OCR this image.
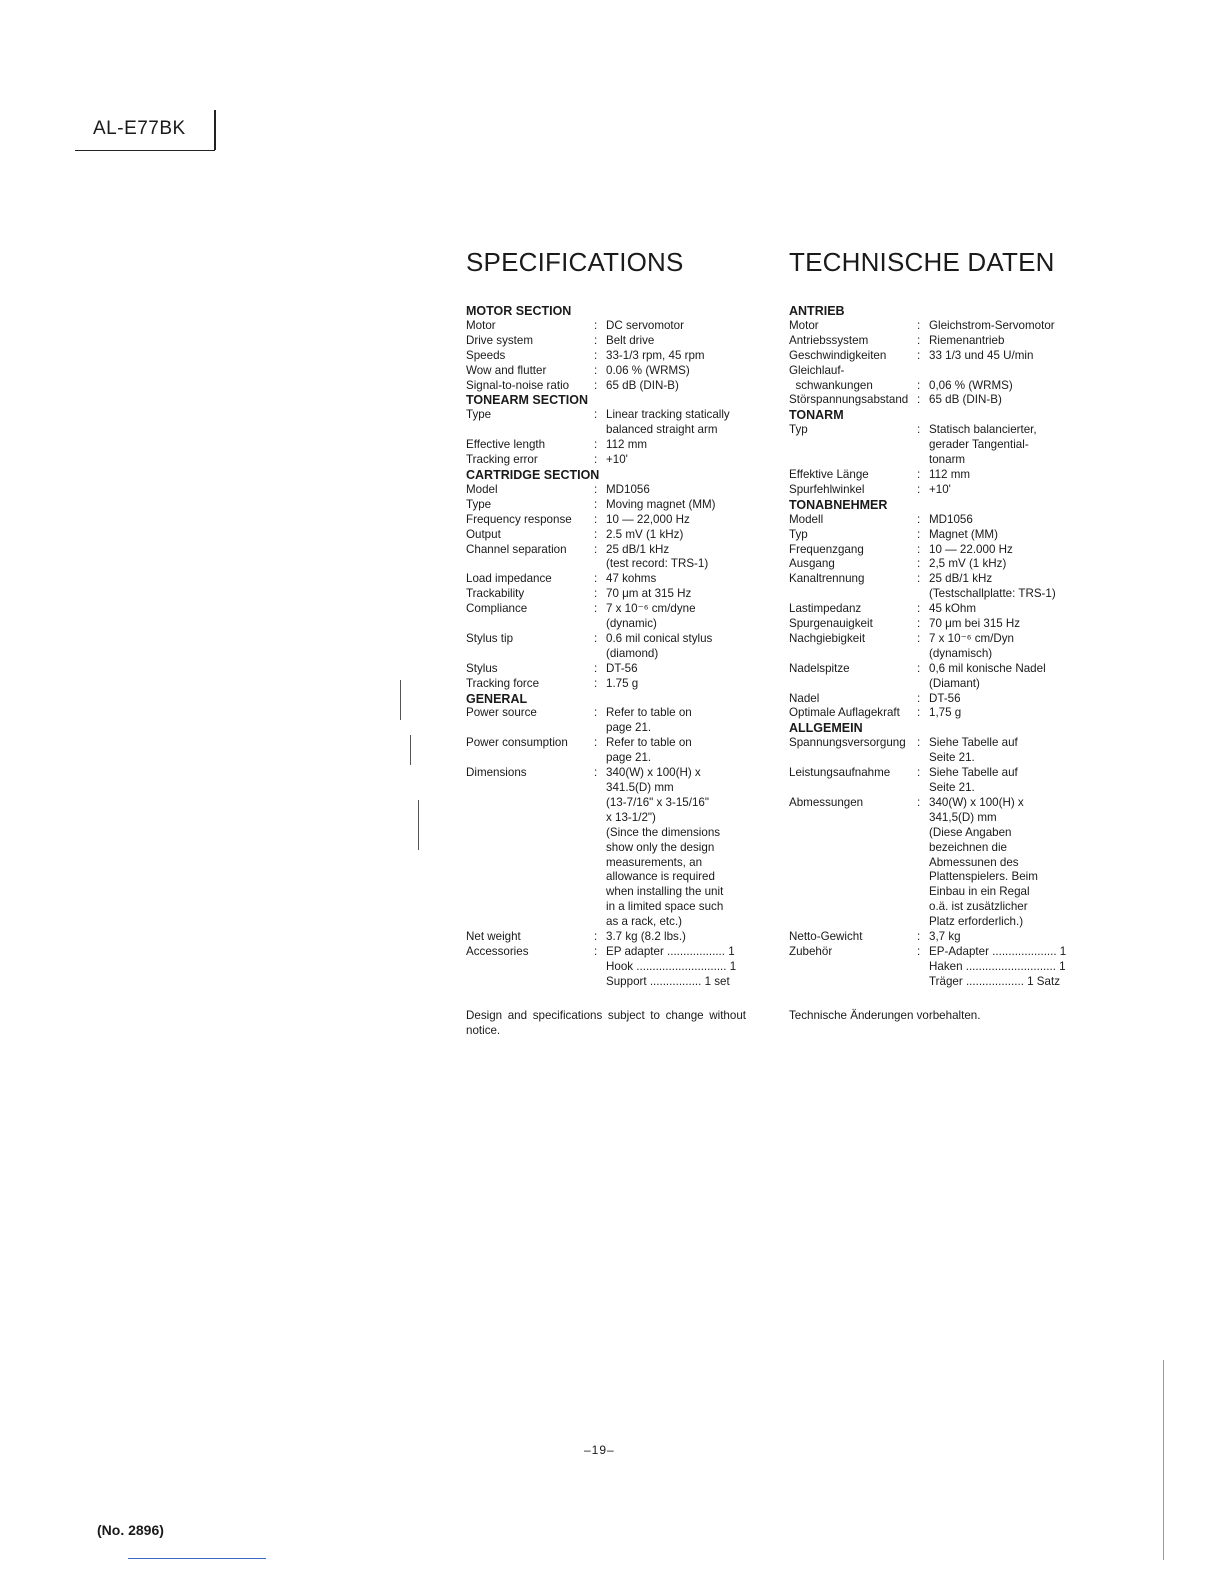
AL-E77BK
SPECIFICATIONS
MOTOR SECTION
Motor	: DC servomotor
Drive system	: Belt drive
Speeds	: 33-1/3 rpm, 45 rpm
Wow and flutter	: 0.06 % (WRMS)
Signal-to-noise ratio	: 65 dB (DIN-B)
TONEARM SECTION
Type	: Linear tracking statically
balanced straight arm
Effective length	: 112 mm
Tracking error	: +10'
CARTRIDGE SECTION
Model	: MD1056
Type	: Moving magnet (MM)
Frequency response	: 10 — 22,000 Hz
Output	: 2.5 mV (1 kHz)
Channel separation	: 25 dB/1 kHz
(test record: TRS-1)
Load impedance	: 47 kohms
Trackability	: 70 μm at 315 Hz
Compliance	: 7 x 10⁻⁶ cm/dyne
(dynamic)
Stylus tip	: 0.6 mil conical stylus
(diamond)
Stylus	: DT-56
Tracking force	: 1.75 g
GENERAL
Power source	: Refer to table on
page 21.
Power consumption	: Refer to table on
page 21.
Dimensions	: 340(W) x 100(H) x
341.5(D) mm
(13-7/16" x 3-15/16"
x 13-1/2")
(Since the dimensions
show only the design
measurements, an
allowance is required
when installing the unit
in a limited space such
as a rack, etc.)
Net weight	: 3.7 kg (8.2 lbs.)
Accessories	: EP adapter .................. 1
Hook ............................ 1
Support ................ 1 set
Design and specifications subject to change without notice.
TECHNISCHE DATEN
ANTRIEB
Motor	: Gleichstrom-Servomotor
Antriebssystem	: Riemenantrieb
Geschwindigkeiten	: 33 1/3 und 45 U/min
Gleichlauf-
schwankungen	: 0,06 % (WRMS)
Störspannungsabstand : 65 dB (DIN-B)
TONARM
Typ	: Statisch balancierter,
gerader Tangential-
tonarm
Effektive Länge	: 112 mm
Spurfehlwinkel	: +10'
TONABNEHMER
Modell	: MD1056
Typ	: Magnet (MM)
Frequenzgang	: 10 — 22.000 Hz
Ausgang	: 2,5 mV (1 kHz)
Kanaltrennung	: 25 dB/1 kHz
(Testschallplatte: TRS-1)
Lastimpedanz	: 45 kOhm
Spurgenauigkeit	: 70 μm bei 315 Hz
Nachgiebigkeit	: 7 x 10⁻⁶ cm/Dyn
(dynamisch)
Nadelspitze	: 0,6 mil konische Nadel
(Diamant)
Nadel	: DT-56
Optimale Auflagekraft	: 1,75 g
ALLGEMEIN
Spannungsversorgung : Siehe Tabelle auf
Seite 21.
Leistungsaufnahme	: Siehe Tabelle auf
Seite 21.
Abmessungen	: 340(W) x 100(H) x
341,5(D) mm
(Diese Angaben
bezeichnen die
Abmessunen des
Plattenspielers. Beim
Einbau in ein Regal
o.ä. ist zusätzlicher
Platz erforderlich.)
Netto-Gewicht	: 3,7 kg
Zubehör	: EP-Adapter .................... 1
Haken ............................ 1
Träger .................. 1 Satz
Technische Änderungen vorbehalten.
–19–
(No. 2896)
